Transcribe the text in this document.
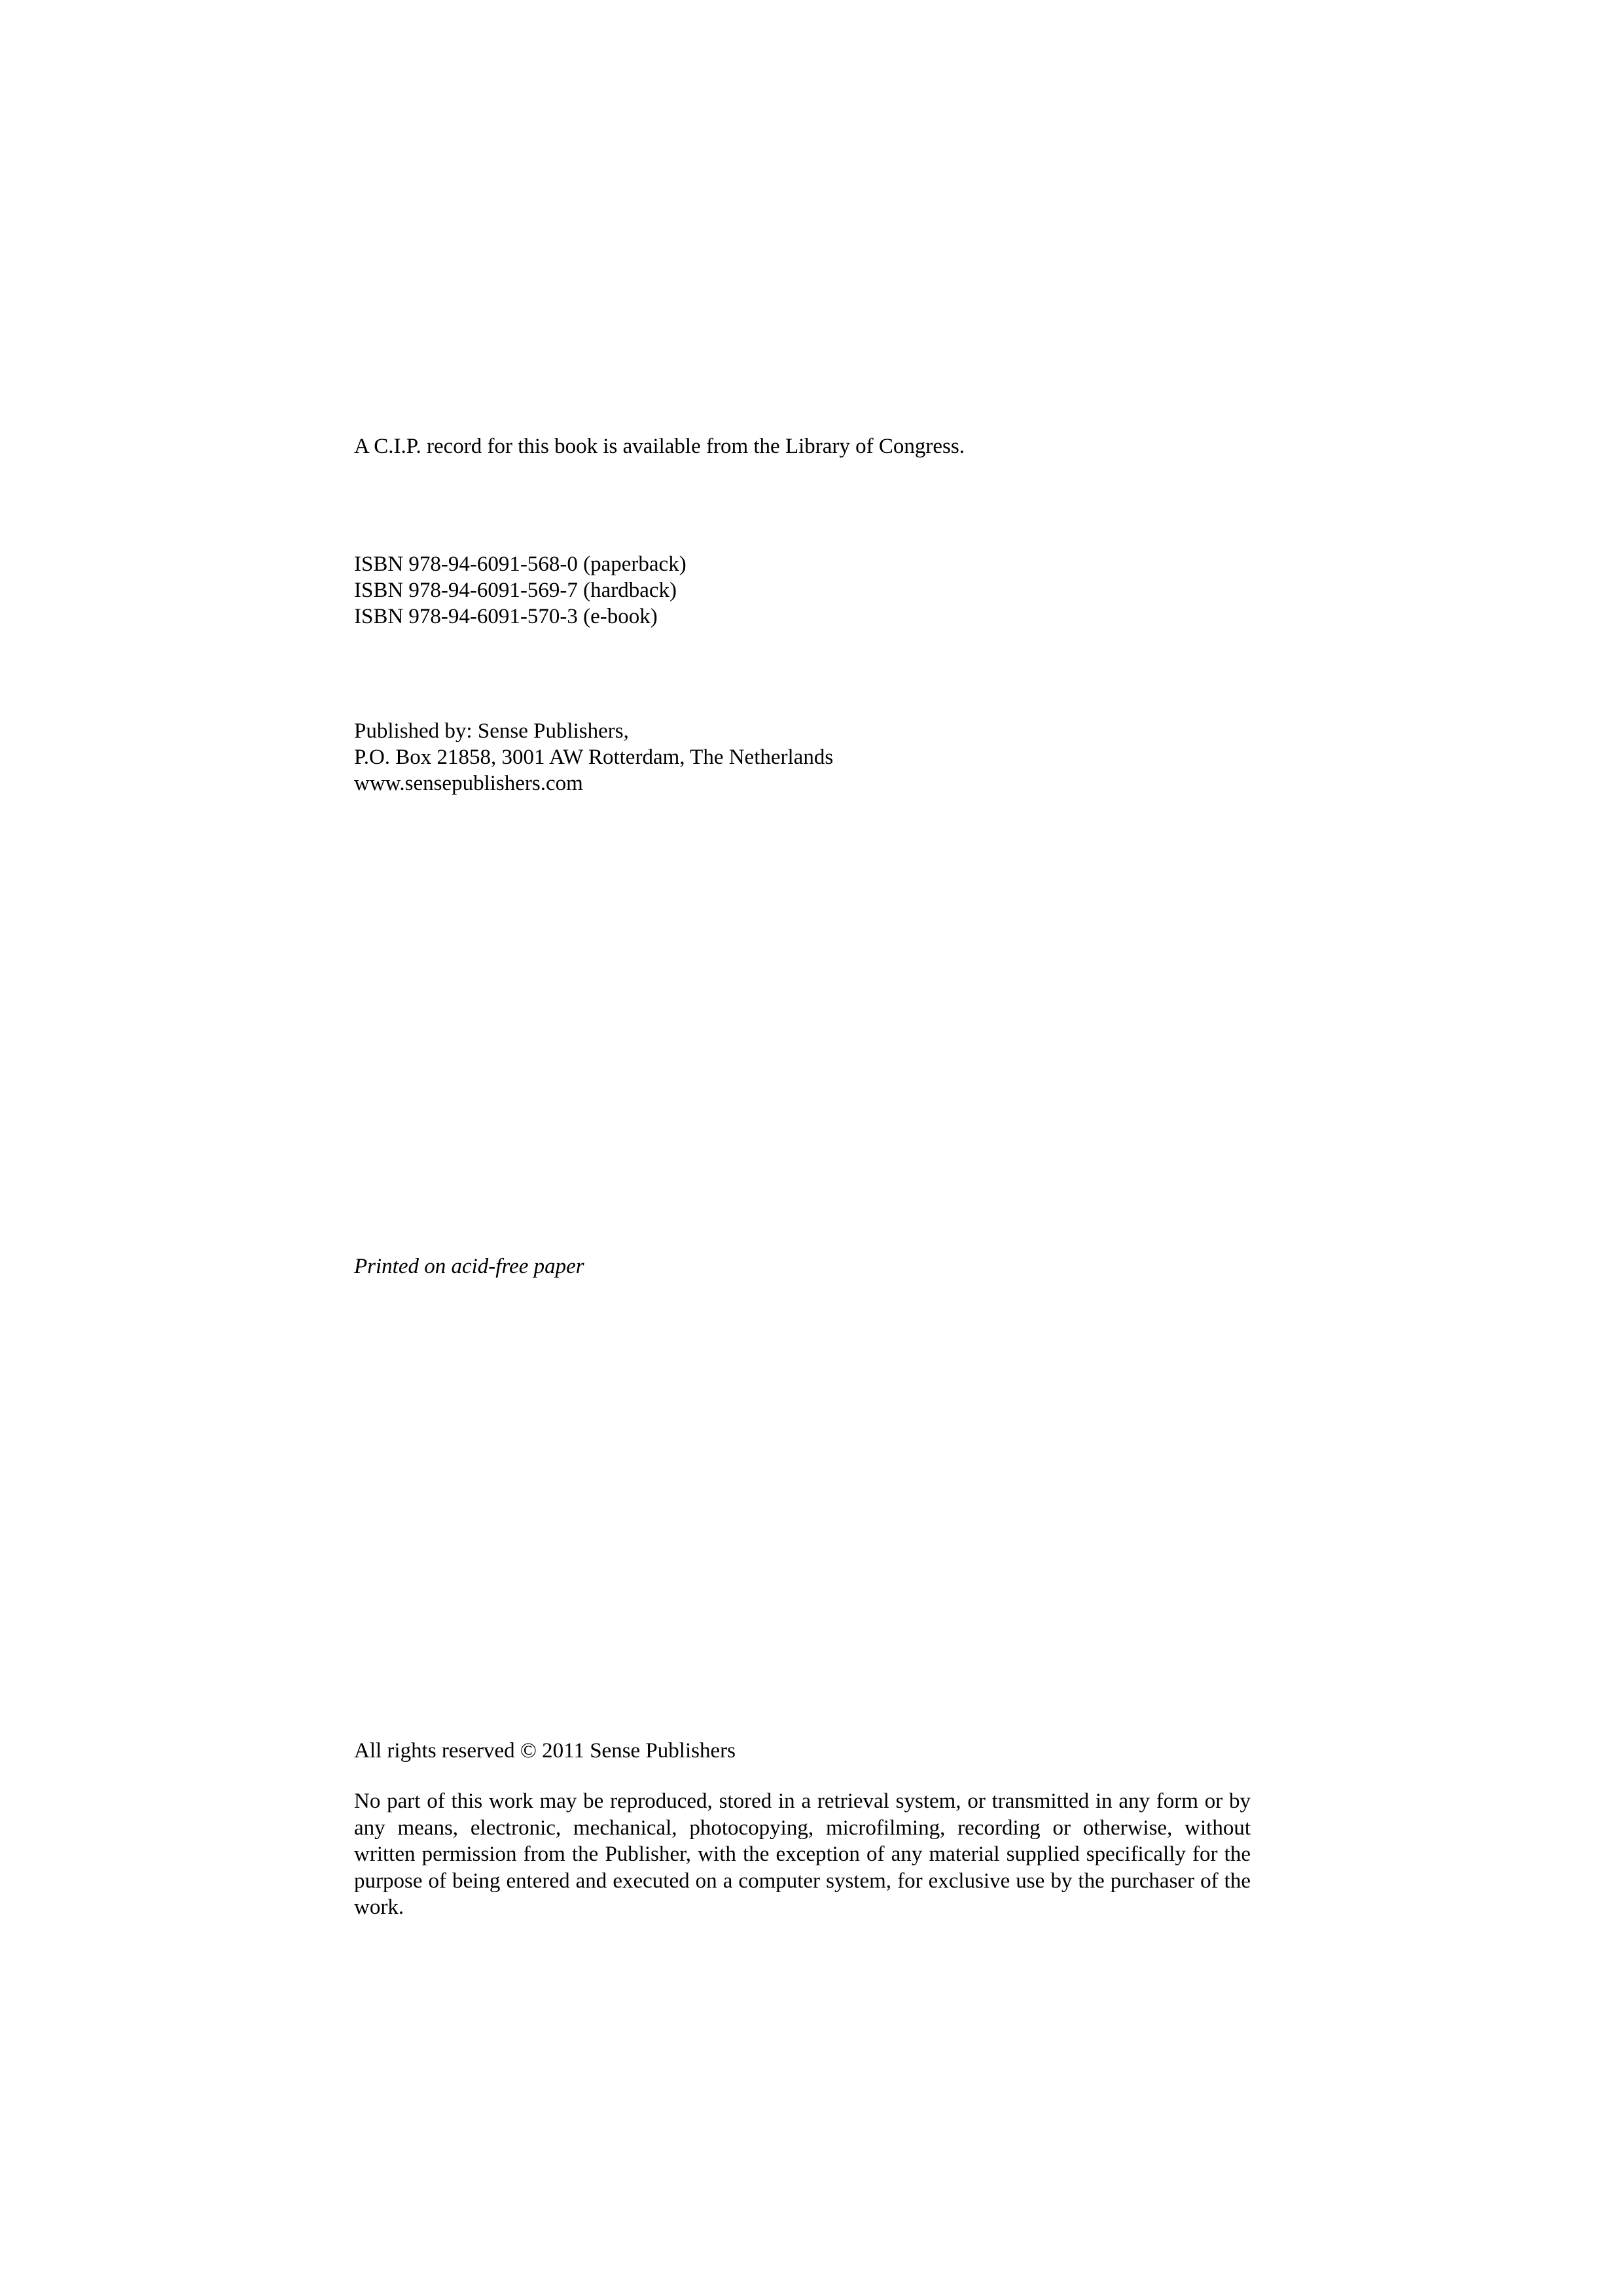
A C.I.P. record for this book is available from the Library of Congress.
ISBN 978-94-6091-568-0 (paperback)
ISBN 978-94-6091-569-7 (hardback)
ISBN 978-94-6091-570-3 (e-book)
Published by: Sense Publishers,
P.O. Box 21858, 3001 AW Rotterdam, The Netherlands
www.sensepublishers.com
Printed on acid-free paper
All rights reserved © 2011 Sense Publishers
No part of this work may be reproduced, stored in a retrieval system, or transmitted in any form or by any means, electronic, mechanical, photocopying, microfilming, recording or otherwise, without written permission from the Publisher, with the exception of any material supplied specifically for the purpose of being entered and executed on a computer system, for exclusive use by the purchaser of the work.
